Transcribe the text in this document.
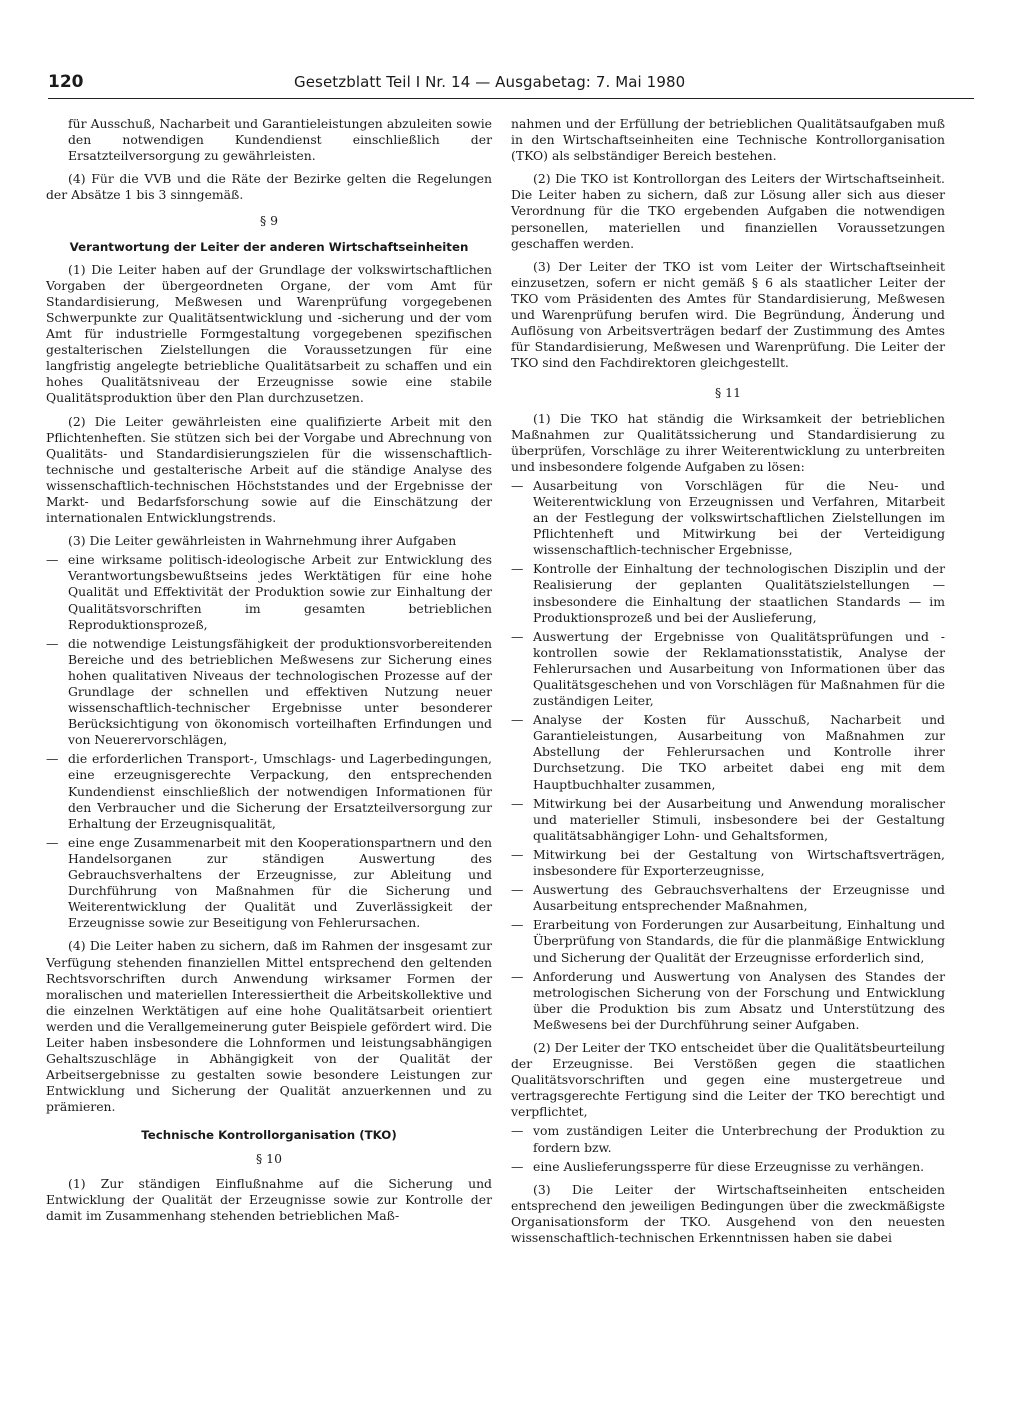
120	Gesetzblatt Teil I Nr. 14 — Ausgabetag: 7. Mai 1980

für Ausschuß, Nacharbeit und Garantieleistungen abzuleiten sowie den notwendigen Kundendienst einschließlich der Ersatzteilversorgung zu gewährleisten.

(4) Für die VVB und die Räte der Bezirke gelten die Regelungen der Absätze 1 bis 3 sinngemäß.

§ 9
Verantwortung der Leiter der anderen Wirtschaftseinheiten

(1) Die Leiter haben auf der Grundlage der volkswirtschaftlichen Vorgaben der übergeordneten Organe, der vom Amt für Standardisierung, Meßwesen und Warenprüfung vorgegebenen Schwerpunkte zur Qualitätsentwicklung und -sicherung und der vom Amt für industrielle Formgestaltung vorgegebenen spezifischen gestalterischen Zielstellungen die Voraussetzungen für eine langfristig angelegte betriebliche Qualitätsarbeit zu schaffen und ein hohes Qualitätsniveau der Erzeugnisse sowie eine stabile Qualitätsproduktion über den Plan durchzusetzen.

(2) Die Leiter gewährleisten eine qualifizierte Arbeit mit den Pflichtenheften. Sie stützen sich bei der Vorgabe und Abrechnung von Qualitäts- und Standardisierungszielen für die wissenschaftlich-technische und gestalterische Arbeit auf die ständige Analyse des wissenschaftlich-technischen Höchststandes und der Ergebnisse der Markt- und Bedarfsforschung sowie auf die Einschätzung der internationalen Entwicklungstrends.

(3) Die Leiter gewährleisten in Wahrnehmung ihrer Aufgaben

— eine wirksame politisch-ideologische Arbeit zur Entwicklung des Verantwortungsbewußtseins jedes Werktätigen für eine hohe Qualität und Effektivität der Produktion sowie zur Einhaltung der Qualitätsvorschriften im gesamten betrieblichen Reproduktionsprozeß,
— die notwendige Leistungsfähigkeit der produktionsvorbereitenden Bereiche und des betrieblichen Meßwesens zur Sicherung eines hohen qualitativen Niveaus der technologischen Prozesse auf der Grundlage der schnellen und effektiven Nutzung neuer wissenschaftlich-technischer Ergebnisse unter besonderer Berücksichtigung von ökonomisch vorteilhaften Erfindungen und von Neuerervorschlägen,
— die erforderlichen Transport-, Umschlags- und Lagerbedingungen, eine erzeugnisgerechte Verpackung, den entsprechenden Kundendienst einschließlich der notwendigen Informationen für den Verbraucher und die Sicherung der Ersatzteilversorgung zur Erhaltung der Erzeugnisqualität,
— eine enge Zusammenarbeit mit den Kooperationspartnern und den Handelsorganen zur ständigen Auswertung des Gebrauchsverhaltens der Erzeugnisse, zur Ableitung und Durchführung von Maßnahmen für die Sicherung und Weiterentwicklung der Qualität und Zuverlässigkeit der Erzeugnisse sowie zur Beseitigung von Fehlerursachen.

(4) Die Leiter haben zu sichern, daß im Rahmen der insgesamt zur Verfügung stehenden finanziellen Mittel entsprechend den geltenden Rechtsvorschriften durch Anwendung wirksamer Formen der moralischen und materiellen Interessiertheit die Arbeitskollektive und die einzelnen Werktätigen auf eine hohe Qualitätsarbeit orientiert werden und die Verallgemeinerung guter Beispiele gefördert wird. Die Leiter haben insbesondere die Lohnformen und leistungsabhängigen Gehaltszuschläge in Abhängigkeit von der Qualität der Arbeitsergebnisse zu gestalten sowie besondere Leistungen zur Entwicklung und Sicherung der Qualität anzuerkennen und zu prämieren.

Technische Kontrollorganisation (TKO)
§ 10

(1) Zur ständigen Einflußnahme auf die Sicherung und Entwicklung der Qualität der Erzeugnisse sowie zur Kontrolle der damit im Zusammenhang stehenden betrieblichen Maß-

nahmen und der Erfüllung der betrieblichen Qualitätsaufgaben muß in den Wirtschaftseinheiten eine Technische Kontrollorganisation (TKO) als selbständiger Bereich bestehen.

(2) Die TKO ist Kontrollorgan des Leiters der Wirtschaftseinheit. Die Leiter haben zu sichern, daß zur Lösung aller sich aus dieser Verordnung für die TKO ergebenden Aufgaben die notwendigen personellen, materiellen und finanziellen Voraussetzungen geschaffen werden.

(3) Der Leiter der TKO ist vom Leiter der Wirtschaftseinheit einzusetzen, sofern er nicht gemäß § 6 als staatlicher Leiter der TKO vom Präsidenten des Amtes für Standardisierung, Meßwesen und Warenprüfung berufen wird. Die Begründung, Änderung und Auflösung von Arbeitsverträgen bedarf der Zustimmung des Amtes für Standardisierung, Meßwesen und Warenprüfung. Die Leiter der TKO sind den Fachdirektoren gleichgestellt.

§ 11

(1) Die TKO hat ständig die Wirksamkeit der betrieblichen Maßnahmen zur Qualitätssicherung und Standardisierung zu überprüfen, Vorschläge zu ihrer Weiterentwicklung zu unterbreiten und insbesondere folgende Aufgaben zu lösen:

— Ausarbeitung von Vorschlägen für die Neu- und Weiterentwicklung von Erzeugnissen und Verfahren, Mitarbeit an der Festlegung der volkswirtschaftlichen Zielstellungen im Pflichtenheft und Mitwirkung bei der Verteidigung wissenschaftlich-technischer Ergebnisse,
— Kontrolle der Einhaltung der technologischen Disziplin und der Realisierung der geplanten Qualitätszielstellungen — insbesondere die Einhaltung der staatlichen Standards — im Produktionsprozeß und bei der Auslieferung,
— Auswertung der Ergebnisse von Qualitätsprüfungen und -kontrollen sowie der Reklamationsstatistik, Analyse der Fehlerursachen und Ausarbeitung von Informationen über das Qualitätsgeschehen und von Vorschlägen für Maßnahmen für die zuständigen Leiter,
— Analyse der Kosten für Ausschuß, Nacharbeit und Garantieleistungen, Ausarbeitung von Maßnahmen zur Abstellung der Fehlerursachen und Kontrolle ihrer Durchsetzung. Die TKO arbeitet dabei eng mit dem Hauptbuchhalter zusammen,
— Mitwirkung bei der Ausarbeitung und Anwendung moralischer und materieller Stimuli, insbesondere bei der Gestaltung qualitätsabhängiger Lohn- und Gehaltsformen,
— Mitwirkung bei der Gestaltung von Wirtschaftsverträgen, insbesondere für Exporterzeugnisse,
— Auswertung des Gebrauchsverhaltens der Erzeugnisse und Ausarbeitung entsprechender Maßnahmen,
— Erarbeitung von Forderungen zur Ausarbeitung, Einhaltung und Überprüfung von Standards, die für die planmäßige Entwicklung und Sicherung der Qualität der Erzeugnisse erforderlich sind,
— Anforderung und Auswertung von Analysen des Standes der metrologischen Sicherung von der Forschung und Entwicklung über die Produktion bis zum Absatz und Unterstützung des Meßwesens bei der Durchführung seiner Aufgaben.

(2) Der Leiter der TKO entscheidet über die Qualitätsbeurteilung der Erzeugnisse. Bei Verstößen gegen die staatlichen Qualitätsvorschriften und gegen eine mustergetreue und vertragsgerechte Fertigung sind die Leiter der TKO berechtigt und verpflichtet,

— vom zuständigen Leiter die Unterbrechung der Produktion zu fordern bzw.
— eine Auslieferungssperre für diese Erzeugnisse zu verhängen.

(3) Die Leiter der Wirtschaftseinheiten entscheiden entsprechend den jeweiligen Bedingungen über die zweckmäßigste Organisationsform der TKO. Ausgehend von den neuesten wissenschaftlich-technischen Erkenntnissen haben sie dabei
